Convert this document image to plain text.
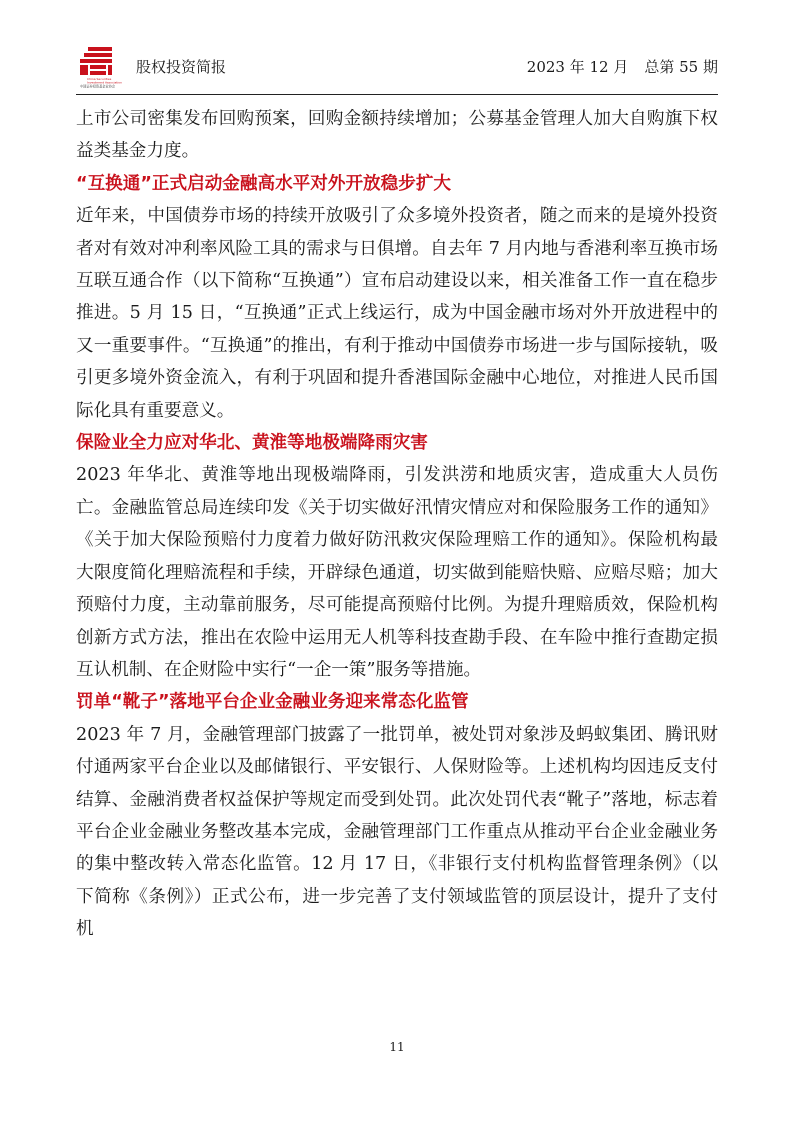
China Securities
Investment Association
中国证券投资基金业协会
股权投资简报	2023 年 12 月 总第 55 期

上市公司密集发布回购预案，回购金额持续增加；公募基金管理人加大自购旗下权益类基金力度。

“互换通”正式启动金融高水平对外开放稳步扩大

近年来，中国债券市场的持续开放吸引了众多境外投资者，随之而来的是境外投资者对有效对冲利率风险工具的需求与日俱增。自去年 7 月内地与香港利率互换市场互联互通合作（以下简称“互换通”）宣布启动建设以来，相关准备工作一直在稳步推进。5 月 15 日，“互换通”正式上线运行，成为中国金融市场对外开放进程中的又一重要事件。“互换通”的推出，有利于推动中国债券市场进一步与国际接轨，吸引更多境外资金流入，有利于巩固和提升香港国际金融中心地位，对推进人民币国际化具有重要意义。

保险业全力应对华北、黄淮等地极端降雨灾害

2023 年华北、黄淮等地出现极端降雨，引发洪涝和地质灾害，造成重大人员伤亡。金融监管总局连续印发《关于切实做好汛情灾情应对和保险服务工作的通知》《关于加大保险预赔付力度着力做好防汛救灾保险理赔工作的通知》。保险机构最大限度简化理赔流程和手续，开辟绿色通道，切实做到能赔快赔、应赔尽赔；加大预赔付力度，主动靠前服务，尽可能提高预赔付比例。为提升理赔质效，保险机构创新方式方法，推出在农险中运用无人机等科技查勘手段、在车险中推行查勘定损互认机制、在企财险中实行“一企一策”服务等措施。

罚单“靴子”落地平台企业金融业务迎来常态化监管

2023 年 7 月，金融管理部门披露了一批罚单，被处罚对象涉及蚂蚁集团、腾讯财付通两家平台企业以及邮储银行、平安银行、人保财险等。上述机构均因违反支付结算、金融消费者权益保护等规定而受到处罚。此次处罚代表“靴子”落地，标志着平台企业金融业务整改基本完成，金融管理部门工作重点从推动平台企业金融业务的集中整改转入常态化监管。12 月 17 日，《非银行支付机构监督管理条例》（以下简称《条例》）正式公布，进一步完善了支付领域监管的顶层设计，提升了支付机

11
